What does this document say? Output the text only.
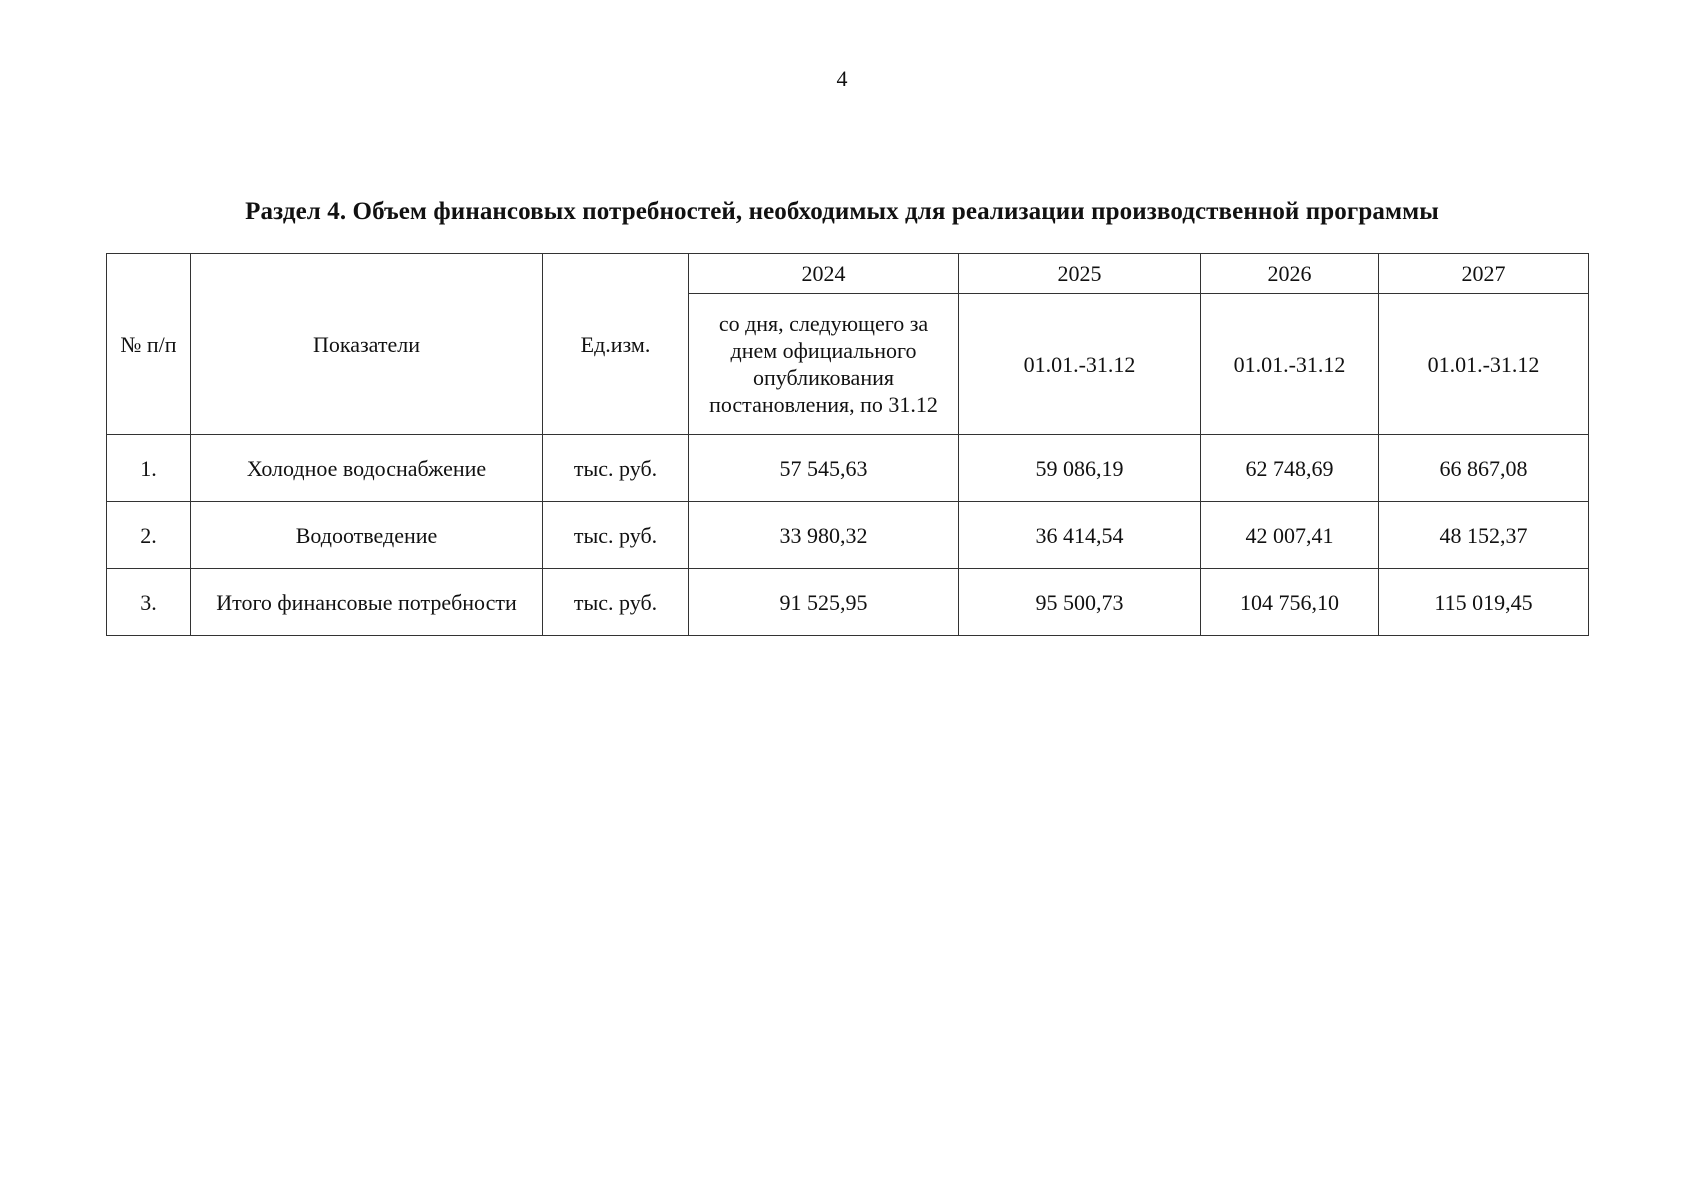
4
Раздел 4. Объем финансовых потребностей, необходимых для реализации производственной программы
№ п/п	Показатели	Ед.изм.	2024	2025	2026	2027
			со дня, следующего за днем официального опубликования постановления, по 31.12	01.01.-31.12	01.01.-31.12	01.01.-31.12
1.	Холодное водоснабжение	тыс. руб.	57 545,63	59 086,19	62 748,69	66 867,08
2.	Водоотведение	тыс. руб.	33 980,32	36 414,54	42 007,41	48 152,37
3.	Итого финансовые потребности	тыс. руб.	91 525,95	95 500,73	104 756,10	115 019,45
